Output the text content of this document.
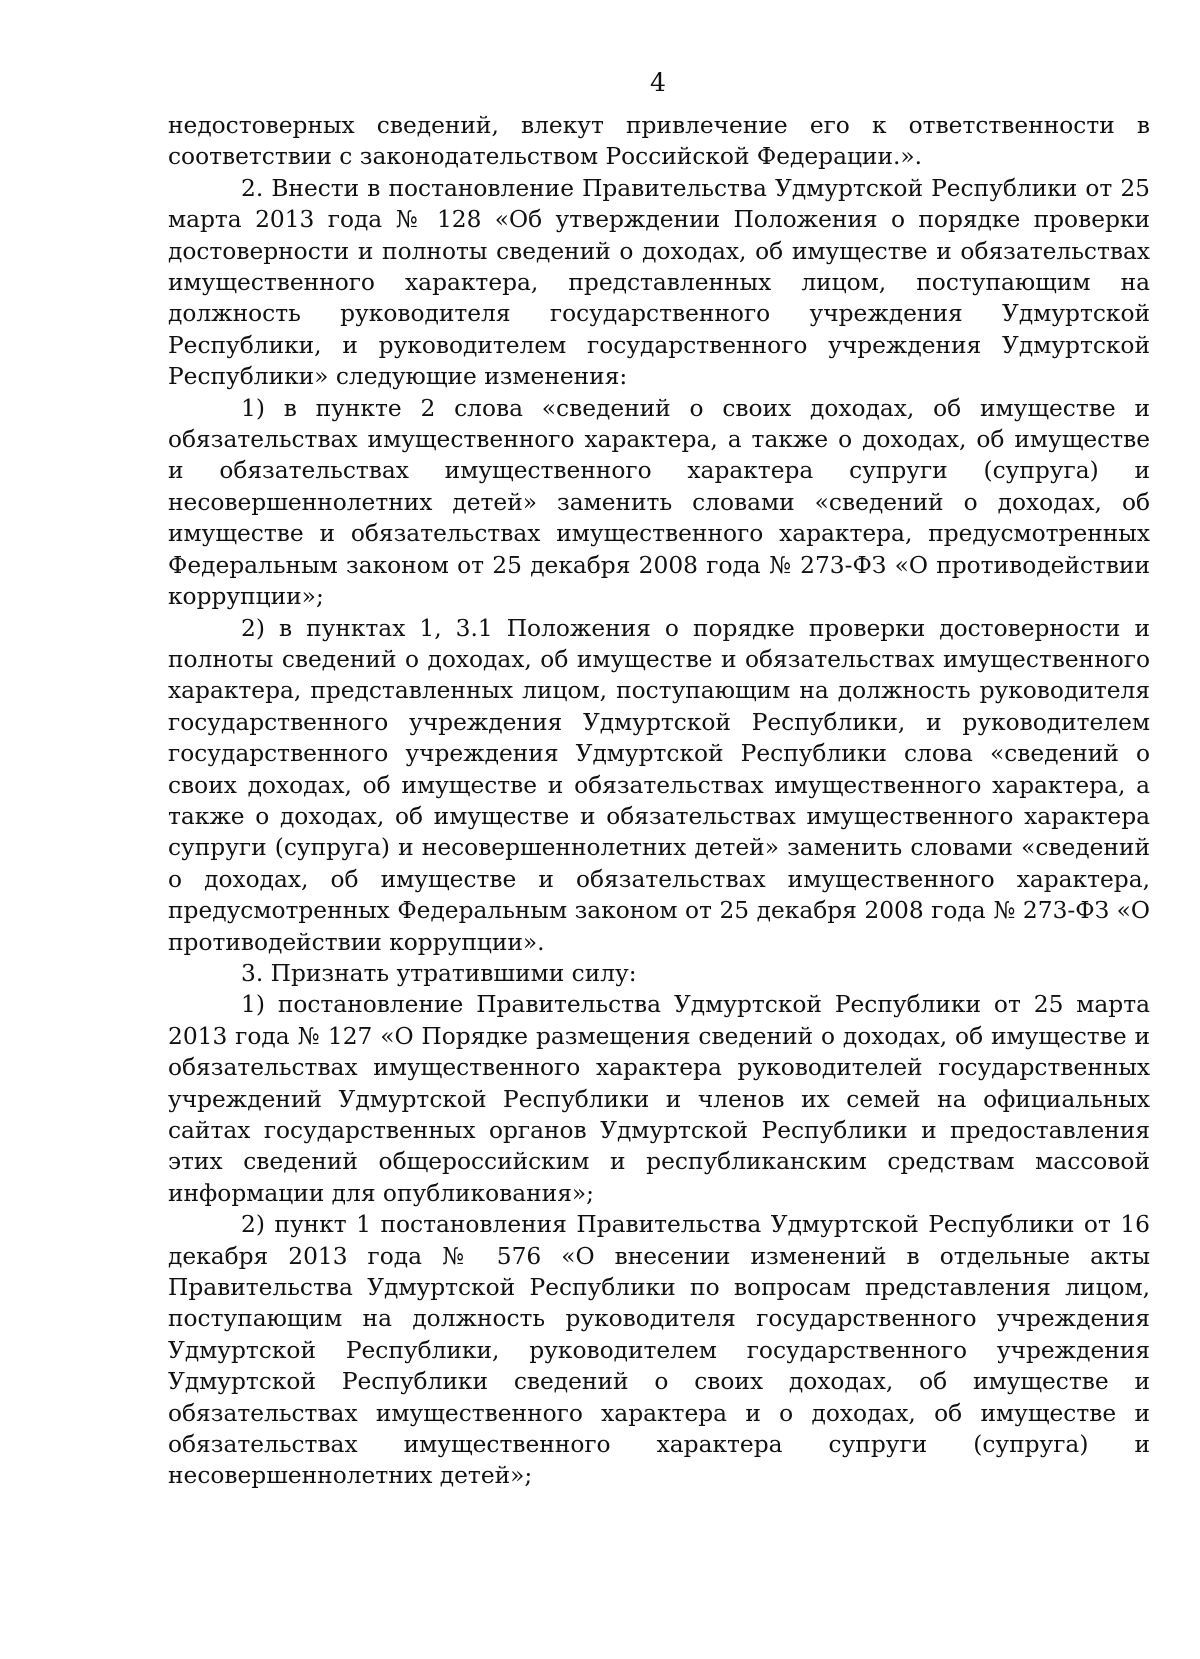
4

недостоверных сведений, влекут привлечение его к ответственности в соответствии с законодательством Российской Федерации.».

2. Внести в постановление Правительства Удмуртской Республики от 25 марта 2013 года № 128 «Об утверждении Положения о порядке проверки достоверности и полноты сведений о доходах, об имуществе и обязательствах имущественного характера, представленных лицом, поступающим на должность руководителя государственного учреждения Удмуртской Республики, и руководителем государственного учреждения Удмуртской Республики» следующие изменения:

1) в пункте 2 слова «сведений о своих доходах, об имуществе и обязательствах имущественного характера, а также о доходах, об имуществе и обязательствах имущественного характера супруги (супруга) и несовершеннолетних детей» заменить словами «сведений о доходах, об имуществе и обязательствах имущественного характера, предусмотренных Федеральным законом от 25 декабря 2008 года № 273-ФЗ «О противодействии коррупции»;

2) в пунктах 1, 3.1 Положения о порядке проверки достоверности и полноты сведений о доходах, об имуществе и обязательствах имущественного характера, представленных лицом, поступающим на должность руководителя государственного учреждения Удмуртской Республики, и руководителем государственного учреждения Удмуртской Республики слова «сведений о своих доходах, об имуществе и обязательствах имущественного характера, а также о доходах, об имуществе и обязательствах имущественного характера супруги (супруга) и несовершеннолетних детей» заменить словами «сведений о доходах, об имуществе и обязательствах имущественного характера, предусмотренных Федеральным законом от 25 декабря 2008 года № 273-ФЗ «О противодействии коррупции».

3. Признать утратившими силу:

1) постановление Правительства Удмуртской Республики от 25 марта 2013 года № 127 «О Порядке размещения сведений о доходах, об имуществе и обязательствах имущественного характера руководителей государственных учреждений Удмуртской Республики и членов их семей на официальных сайтах государственных органов Удмуртской Республики и предоставления этих сведений общероссийским и республиканским средствам массовой информации для опубликования»;

2) пункт 1 постановления Правительства Удмуртской Республики от 16 декабря 2013 года № 576 «О внесении изменений в отдельные акты Правительства Удмуртской Республики по вопросам представления лицом, поступающим на должность руководителя государственного учреждения Удмуртской Республики, руководителем государственного учреждения Удмуртской Республики сведений о своих доходах, об имуществе и обязательствах имущественного характера и о доходах, об имуществе и обязательствах имущественного характера супруги (супруга) и несовершеннолетних детей»;
